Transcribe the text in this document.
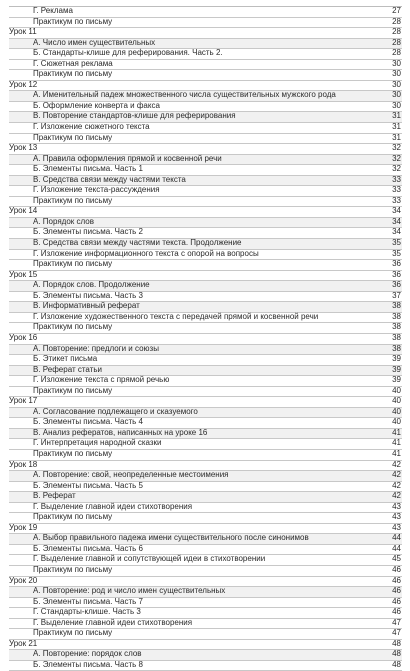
Г. Реклама	27
Практикум по письму	28
Урок 11	28
А. Число имен существительных	28
Б. Стандарты-клише для реферирования. Часть 2.	28
Г. Сюжетная реклама	30
Практикум по письму	30
Урок 12	30
А. Именительный падеж множественного числа существительных мужского рода	30
Б. Оформление конверта и факса	30
В. Повторение стандартов-клише для реферирования	31
Г. Изложение сюжетного текста	31
Практикум по письму	31
Урок 13	32
А. Правила оформления прямой и косвенной речи	32
Б. Элементы письма. Часть 1	32
В. Средства связи между частями текста	33
Г. Изложение текста-рассуждения	33
Практикум по письму	33
Урок 14	34
А. Порядок слов	34
Б. Элементы письма. Часть 2	34
В. Средства связи между частями текста. Продолжение	35
Г. Изложение информационного текста с опорой на вопросы	35
Практикум по письму	36
Урок 15	36
А. Порядок слов. Продолжение	36
Б. Элементы письма. Часть 3	37
В. Информативный реферат	38
Г. Изложение художественного текста с передачей прямой и косвенной речи	38
Практикум по письму	38
Урок 16	38
А. Повторение: предлоги и союзы	38
Б. Этикет письма	39
В. Реферат статьи	39
Г. Изложение текста с прямой речью	39
Практикум по письму	40
Урок 17	40
А. Согласование подлежащего и сказуемого	40
Б. Элементы письма. Часть 4	40
В. Анализ рефератов, написанных на уроке 16	41
Г. Интерпретация народной сказки	41
Практикум по письму	41
Урок 18	42
А. Повторение: свой, неопределенные местоимения	42
Б. Элементы письма. Часть 5	42
В. Реферат	42
Г. Выделение главной идеи стихотворения	43
Практикум по письму	43
Урок 19	43
А. Выбор правильного падежа имени существительного после синонимов	44
Б. Элементы письма. Часть 6	44
Г. Выделение главной и сопутствующей идеи в стихотворении	45
Практикум по письму	46
Урок 20	46
А. Повторение: род и число имен существительных	46
Б. Элементы письма. Часть 7	46
Г. Стандарты-клише. Часть 3	46
Г. Выделение главной идеи стихотворения	47
Практикум по письму	47
Урок 21	48
А. Повторение: порядок слов	48
Б. Элементы письма. Часть 8	48
